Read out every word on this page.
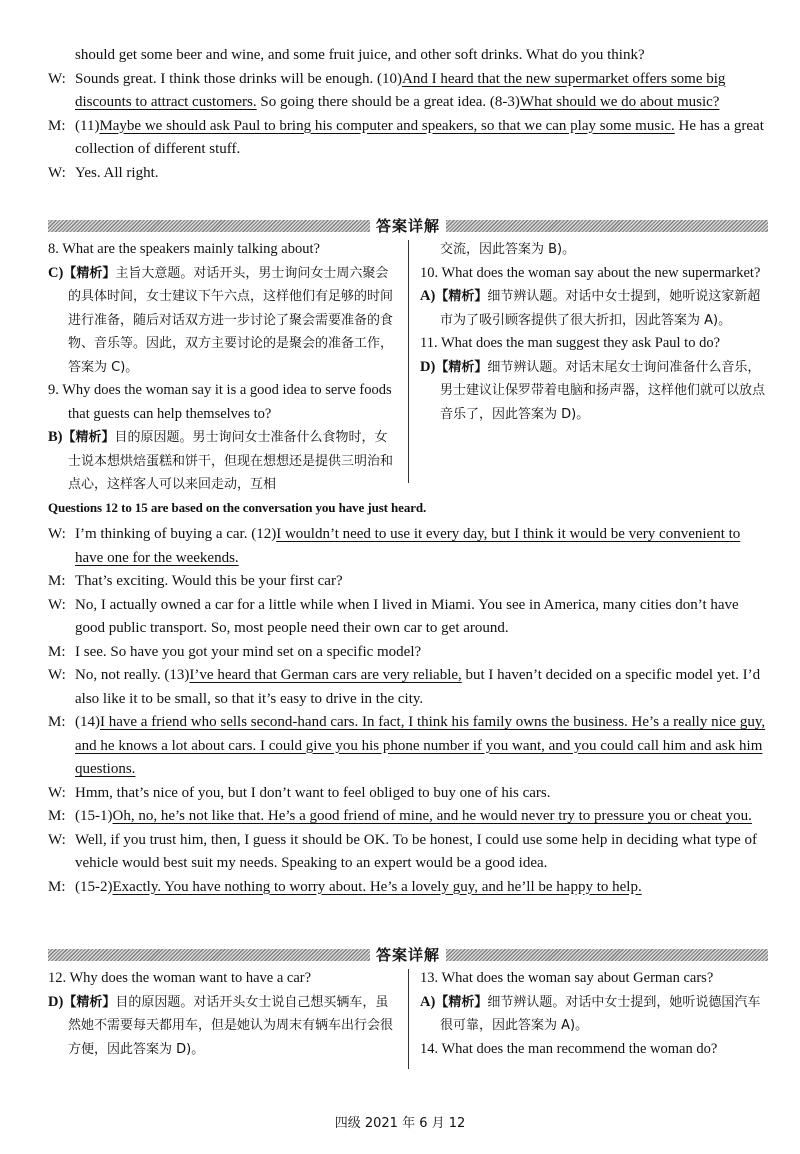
should get some beer and wine, and some fruit juice, and other soft drinks. What do you think?

W: Sounds great. I think those drinks will be enough. (10)And I heard that the new supermarket offers some big discounts to attract customers. So going there should be a great idea. (8-3)What should we do about music?

M: (11)Maybe we should ask Paul to bring his computer and speakers, so that we can play some music. He has a great collection of different stuff.

W: Yes. All right.

答案详解

8. What are the speakers mainly talking about?

C)【精析】主旨大意题。对话开头，男士询问女士周六聚会的具体时间，女士建议下午六点，这样他们有足够的时间进行准备，随后对话双方进一步讨论了聚会需要准备的食物、音乐等。因此，双方主要讨论的是聚会的准备工作，答案为 C)。

9. Why does the woman say it is a good idea to serve foods that guests can help themselves to?

B)【精析】目的原因题。男士询问女士准备什么食物时，女士说本想烘焙蛋糕和饼干，但现在想想还是提供三明治和点心，这样客人可以来回走动，互相

交流，因此答案为 B)。

10. What does the woman say about the new supermarket?

A)【精析】细节辨认题。对话中女士提到，她听说这家新超市为了吸引顾客提供了很大折扣，因此答案为 A)。

11. What does the man suggest they ask Paul to do?

D)【精析】细节辨认题。对话末尾女士询问准备什么音乐，男士建议让保罗带着电脑和扬声器，这样他们就可以放点音乐了，因此答案为 D)。

Questions 12 to 15 are based on the conversation you have just heard.

W: I’m thinking of buying a car. (12)I wouldn’t need to use it every day, but I think it would be very convenient to have one for the weekends.

M: That’s exciting. Would this be your first car?

W: No, I actually owned a car for a little while when I lived in Miami. You see in America, many cities don’t have good public transport. So, most people need their own car to get around.

M: I see. So have you got your mind set on a specific model?

W: No, not really. (13)I’ve heard that German cars are very reliable, but I haven’t decided on a specific model yet. I’d also like it to be small, so that it’s easy to drive in the city.

M: (14)I have a friend who sells second-hand cars. In fact, I think his family owns the business. He’s a really nice guy, and he knows a lot about cars. I could give you his phone number if you want, and you could call him and ask him questions.

W: Hmm, that’s nice of you, but I don’t want to feel obliged to buy one of his cars.

M: (15-1)Oh, no, he’s not like that. He’s a good friend of mine, and he would never try to pressure you or cheat you.

W: Well, if you trust him, then, I guess it should be OK. To be honest, I could use some help in deciding what type of vehicle would best suit my needs. Speaking to an expert would be a good idea.

M: (15-2)Exactly. You have nothing to worry about. He’s a lovely guy, and he’ll be happy to help.

答案详解

12. Why does the woman want to have a car?

D)【精析】目的原因题。对话开头女士说自己想买辆车，虽然她不需要每天都用车，但是她认为周末有辆车出行会很方便，因此答案为 D)。

13. What does the woman say about German cars?

A)【精析】细节辨认题。对话中女士提到，她听说德国汽车很可靠，因此答案为 A)。

14. What does the man recommend the woman do?

四级 2021 年 6 月 12
